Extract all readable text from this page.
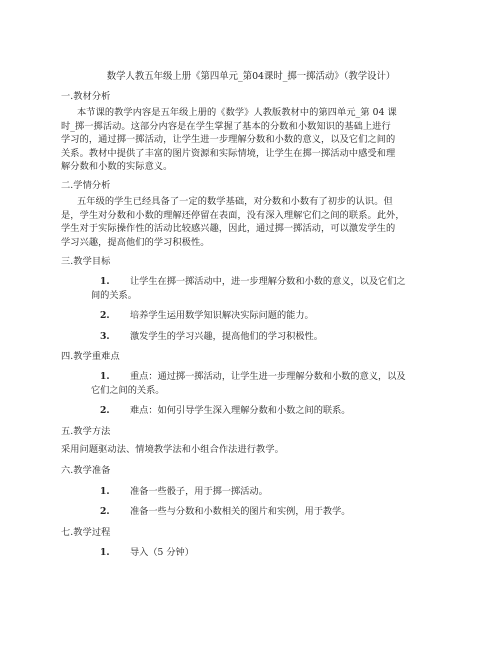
数学人教五年级上册《第四单元_第04课时_掷一掷活动》（教学设计）
一.教材分析
本节课的教学内容是五年级上册的《数学》人教版教材中的第四单元_第 04 课
时_掷一掷活动。这部分内容是在学生掌握了基本的分数和小数知识的基础上进行
学习的，通过掷一掷活动，让学生进一步理解分数和小数的意义，以及它们之间的
关系。教材中提供了丰富的图片资源和实际情境，让学生在掷一掷活动中感受和理
解分数和小数的实际意义。
二.学情分析
五年级的学生已经具备了一定的数学基础，对分数和小数有了初步的认识。但
是，学生对分数和小数的理解还停留在表面，没有深入理解它们之间的联系。此外，
学生对于实际操作性的活动比较感兴趣，因此，通过掷一掷活动，可以激发学生的
学习兴趣，提高他们的学习积极性。
三.教学目标
1. 让学生在掷一掷活动中，进一步理解分数和小数的意义，以及它们之
间的关系。
2. 培养学生运用数学知识解决实际问题的能力。
3. 激发学生的学习兴趣，提高他们的学习积极性。
四.教学重难点
1. 重点：通过掷一掷活动，让学生进一步理解分数和小数的意义，以及
它们之间的关系。
2. 难点：如何引导学生深入理解分数和小数之间的联系。
五.教学方法
采用问题驱动法、情境教学法和小组合作法进行教学。
六.教学准备
1. 准备一些骰子，用于掷一掷活动。
2. 准备一些与分数和小数相关的图片和实例，用于教学。
七.教学过程
1. 导入（5 分钟）
